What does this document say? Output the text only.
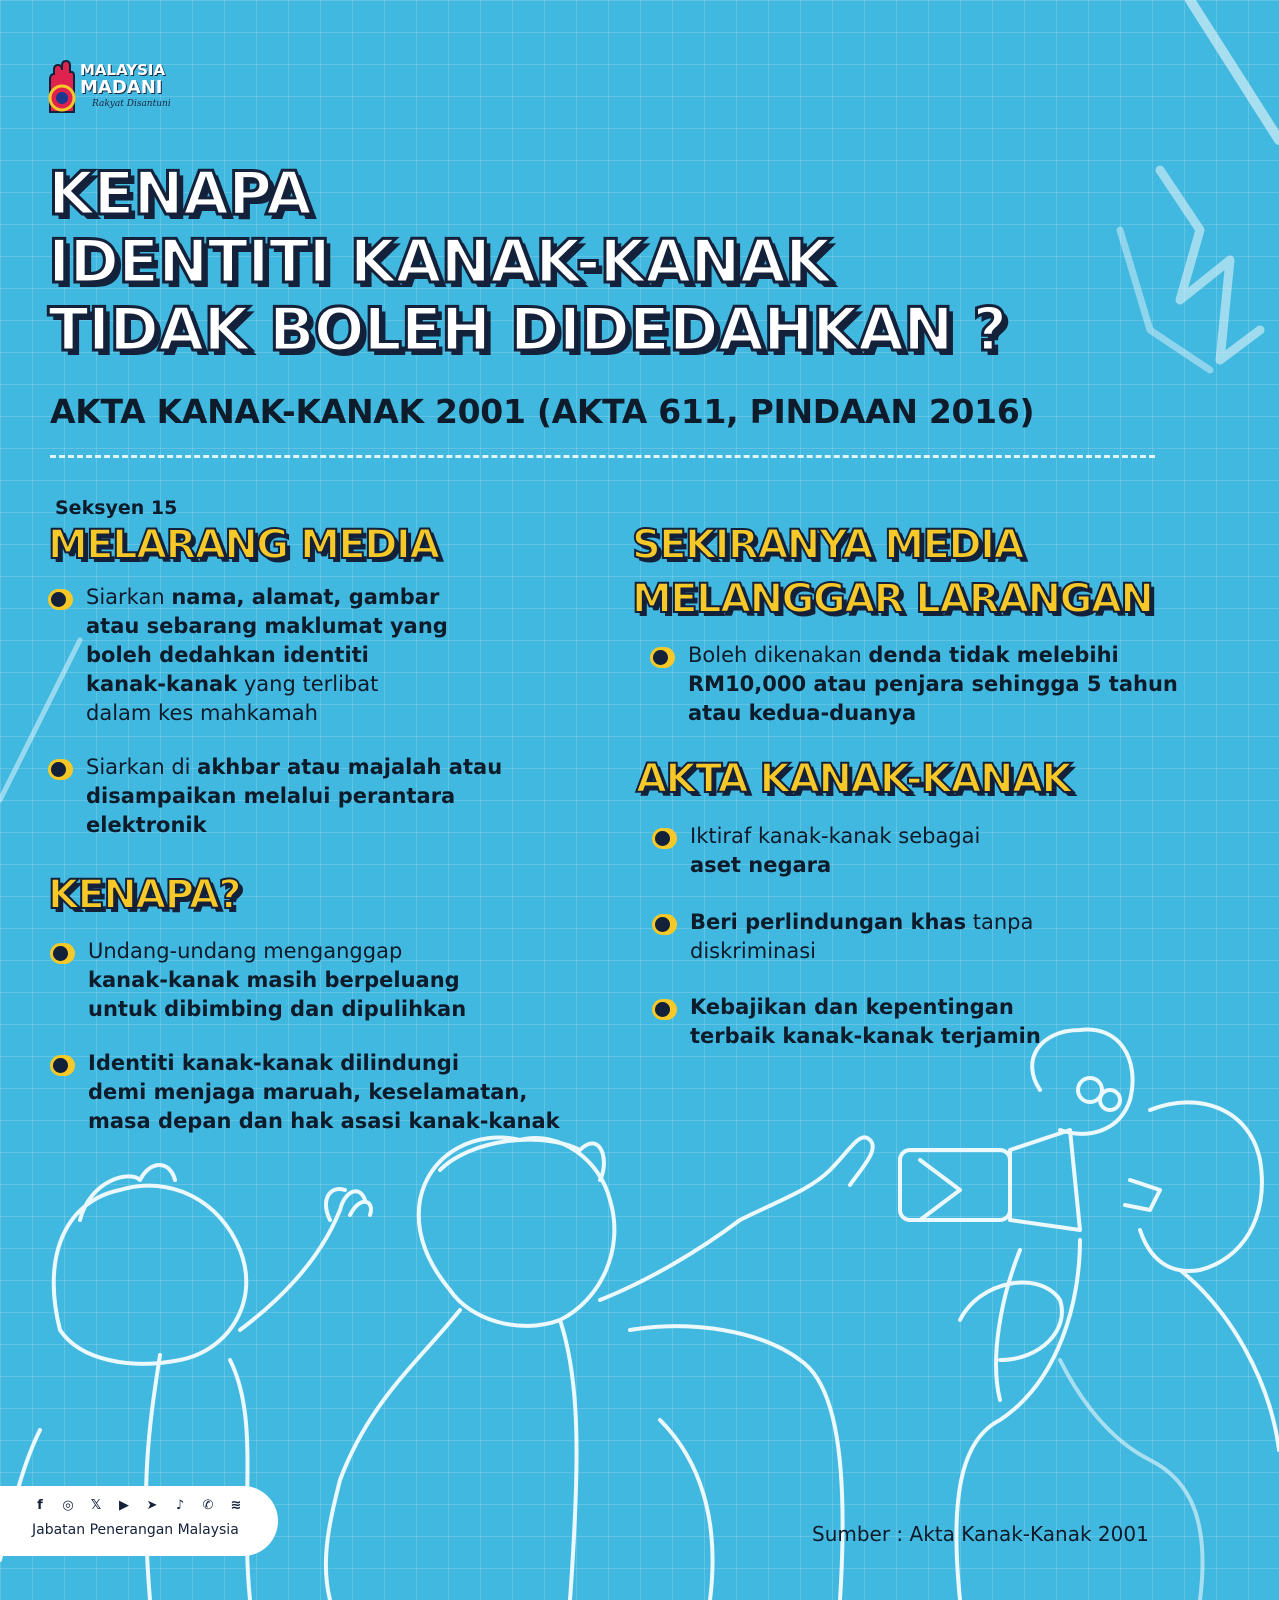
MALAYSIA
MADANI
Rakyat Disantuni
KENAPA
IDENTITI KANAK-KANAK
TIDAK BOLEH DIDEDAHKAN ?
AKTA KANAK-KANAK 2001 (AKTA 611, PINDAAN 2016)
Seksyen 15
MELARANG MEDIA
Siarkan nama, alamat, gambar
atau sebarang maklumat yang
boleh dedahkan identiti
kanak-kanak yang terlibat
dalam kes mahkamah
Siarkan di akhbar atau majalah atau
disampaikan melalui perantara
elektronik
KENAPA?
Undang-undang menganggap
kanak-kanak masih berpeluang
untuk dibimbing dan dipulihkan
Identiti kanak-kanak dilindungi
demi menjaga maruah, keselamatan,
masa depan dan hak asasi kanak-kanak
SEKIRANYA MEDIA
MELANGGAR LARANGAN
Boleh dikenakan denda tidak melebihi
RM10,000 atau penjara sehingga 5 tahun
atau kedua-duanya
AKTA KANAK-KANAK
Iktiraf kanak-kanak sebagai
aset negara
Beri perlindungan khas tanpa
diskriminasi
Kebajikan dan kepentingan
terbaik kanak-kanak terjamin
f	◎	𝕏	▶	➤	♪	✆	≋
Jabatan Penerangan Malaysia	Sumber : Akta Kanak-Kanak 2001
